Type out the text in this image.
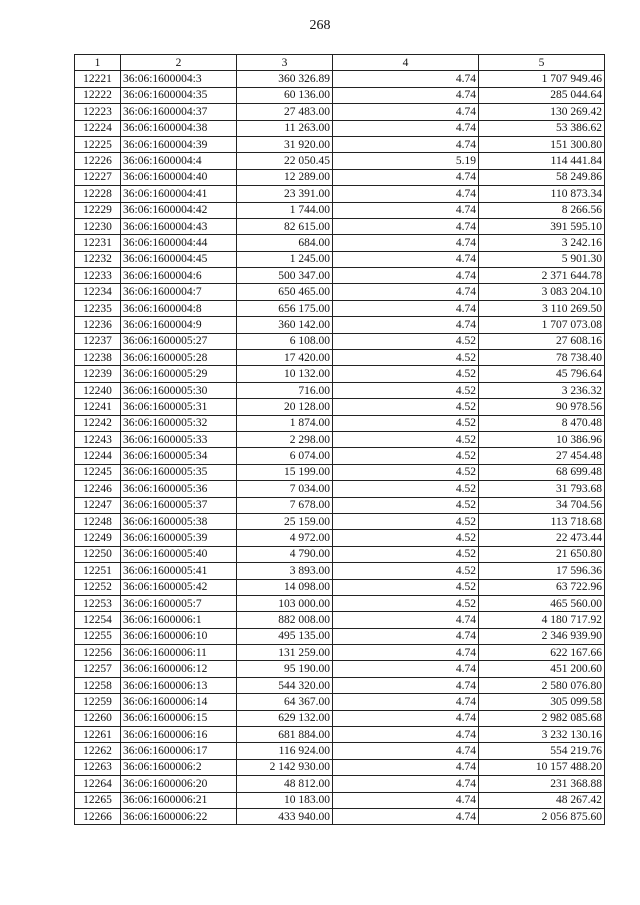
268
1	2	3	4	5
12221	36:06:1600004:3	360 326.89	4.74	1 707 949.46
12222	36:06:1600004:35	60 136.00	4.74	285 044.64
12223	36:06:1600004:37	27 483.00	4.74	130 269.42
12224	36:06:1600004:38	11 263.00	4.74	53 386.62
12225	36:06:1600004:39	31 920.00	4.74	151 300.80
12226	36:06:1600004:4	22 050.45	5.19	114 441.84
12227	36:06:1600004:40	12 289.00	4.74	58 249.86
12228	36:06:1600004:41	23 391.00	4.74	110 873.34
12229	36:06:1600004:42	1 744.00	4.74	8 266.56
12230	36:06:1600004:43	82 615.00	4.74	391 595.10
12231	36:06:1600004:44	684.00	4.74	3 242.16
12232	36:06:1600004:45	1 245.00	4.74	5 901.30
12233	36:06:1600004:6	500 347.00	4.74	2 371 644.78
12234	36:06:1600004:7	650 465.00	4.74	3 083 204.10
12235	36:06:1600004:8	656 175.00	4.74	3 110 269.50
12236	36:06:1600004:9	360 142.00	4.74	1 707 073.08
12237	36:06:1600005:27	6 108.00	4.52	27 608.16
12238	36:06:1600005:28	17 420.00	4.52	78 738.40
12239	36:06:1600005:29	10 132.00	4.52	45 796.64
12240	36:06:1600005:30	716.00	4.52	3 236.32
12241	36:06:1600005:31	20 128.00	4.52	90 978.56
12242	36:06:1600005:32	1 874.00	4.52	8 470.48
12243	36:06:1600005:33	2 298.00	4.52	10 386.96
12244	36:06:1600005:34	6 074.00	4.52	27 454.48
12245	36:06:1600005:35	15 199.00	4.52	68 699.48
12246	36:06:1600005:36	7 034.00	4.52	31 793.68
12247	36:06:1600005:37	7 678.00	4.52	34 704.56
12248	36:06:1600005:38	25 159.00	4.52	113 718.68
12249	36:06:1600005:39	4 972.00	4.52	22 473.44
12250	36:06:1600005:40	4 790.00	4.52	21 650.80
12251	36:06:1600005:41	3 893.00	4.52	17 596.36
12252	36:06:1600005:42	14 098.00	4.52	63 722.96
12253	36:06:1600005:7	103 000.00	4.52	465 560.00
12254	36:06:1600006:1	882 008.00	4.74	4 180 717.92
12255	36:06:1600006:10	495 135.00	4.74	2 346 939.90
12256	36:06:1600006:11	131 259.00	4.74	622 167.66
12257	36:06:1600006:12	95 190.00	4.74	451 200.60
12258	36:06:1600006:13	544 320.00	4.74	2 580 076.80
12259	36:06:1600006:14	64 367.00	4.74	305 099.58
12260	36:06:1600006:15	629 132.00	4.74	2 982 085.68
12261	36:06:1600006:16	681 884.00	4.74	3 232 130.16
12262	36:06:1600006:17	116 924.00	4.74	554 219.76
12263	36:06:1600006:2	2 142 930.00	4.74	10 157 488.20
12264	36:06:1600006:20	48 812.00	4.74	231 368.88
12265	36:06:1600006:21	10 183.00	4.74	48 267.42
12266	36:06:1600006:22	433 940.00	4.74	2 056 875.60
